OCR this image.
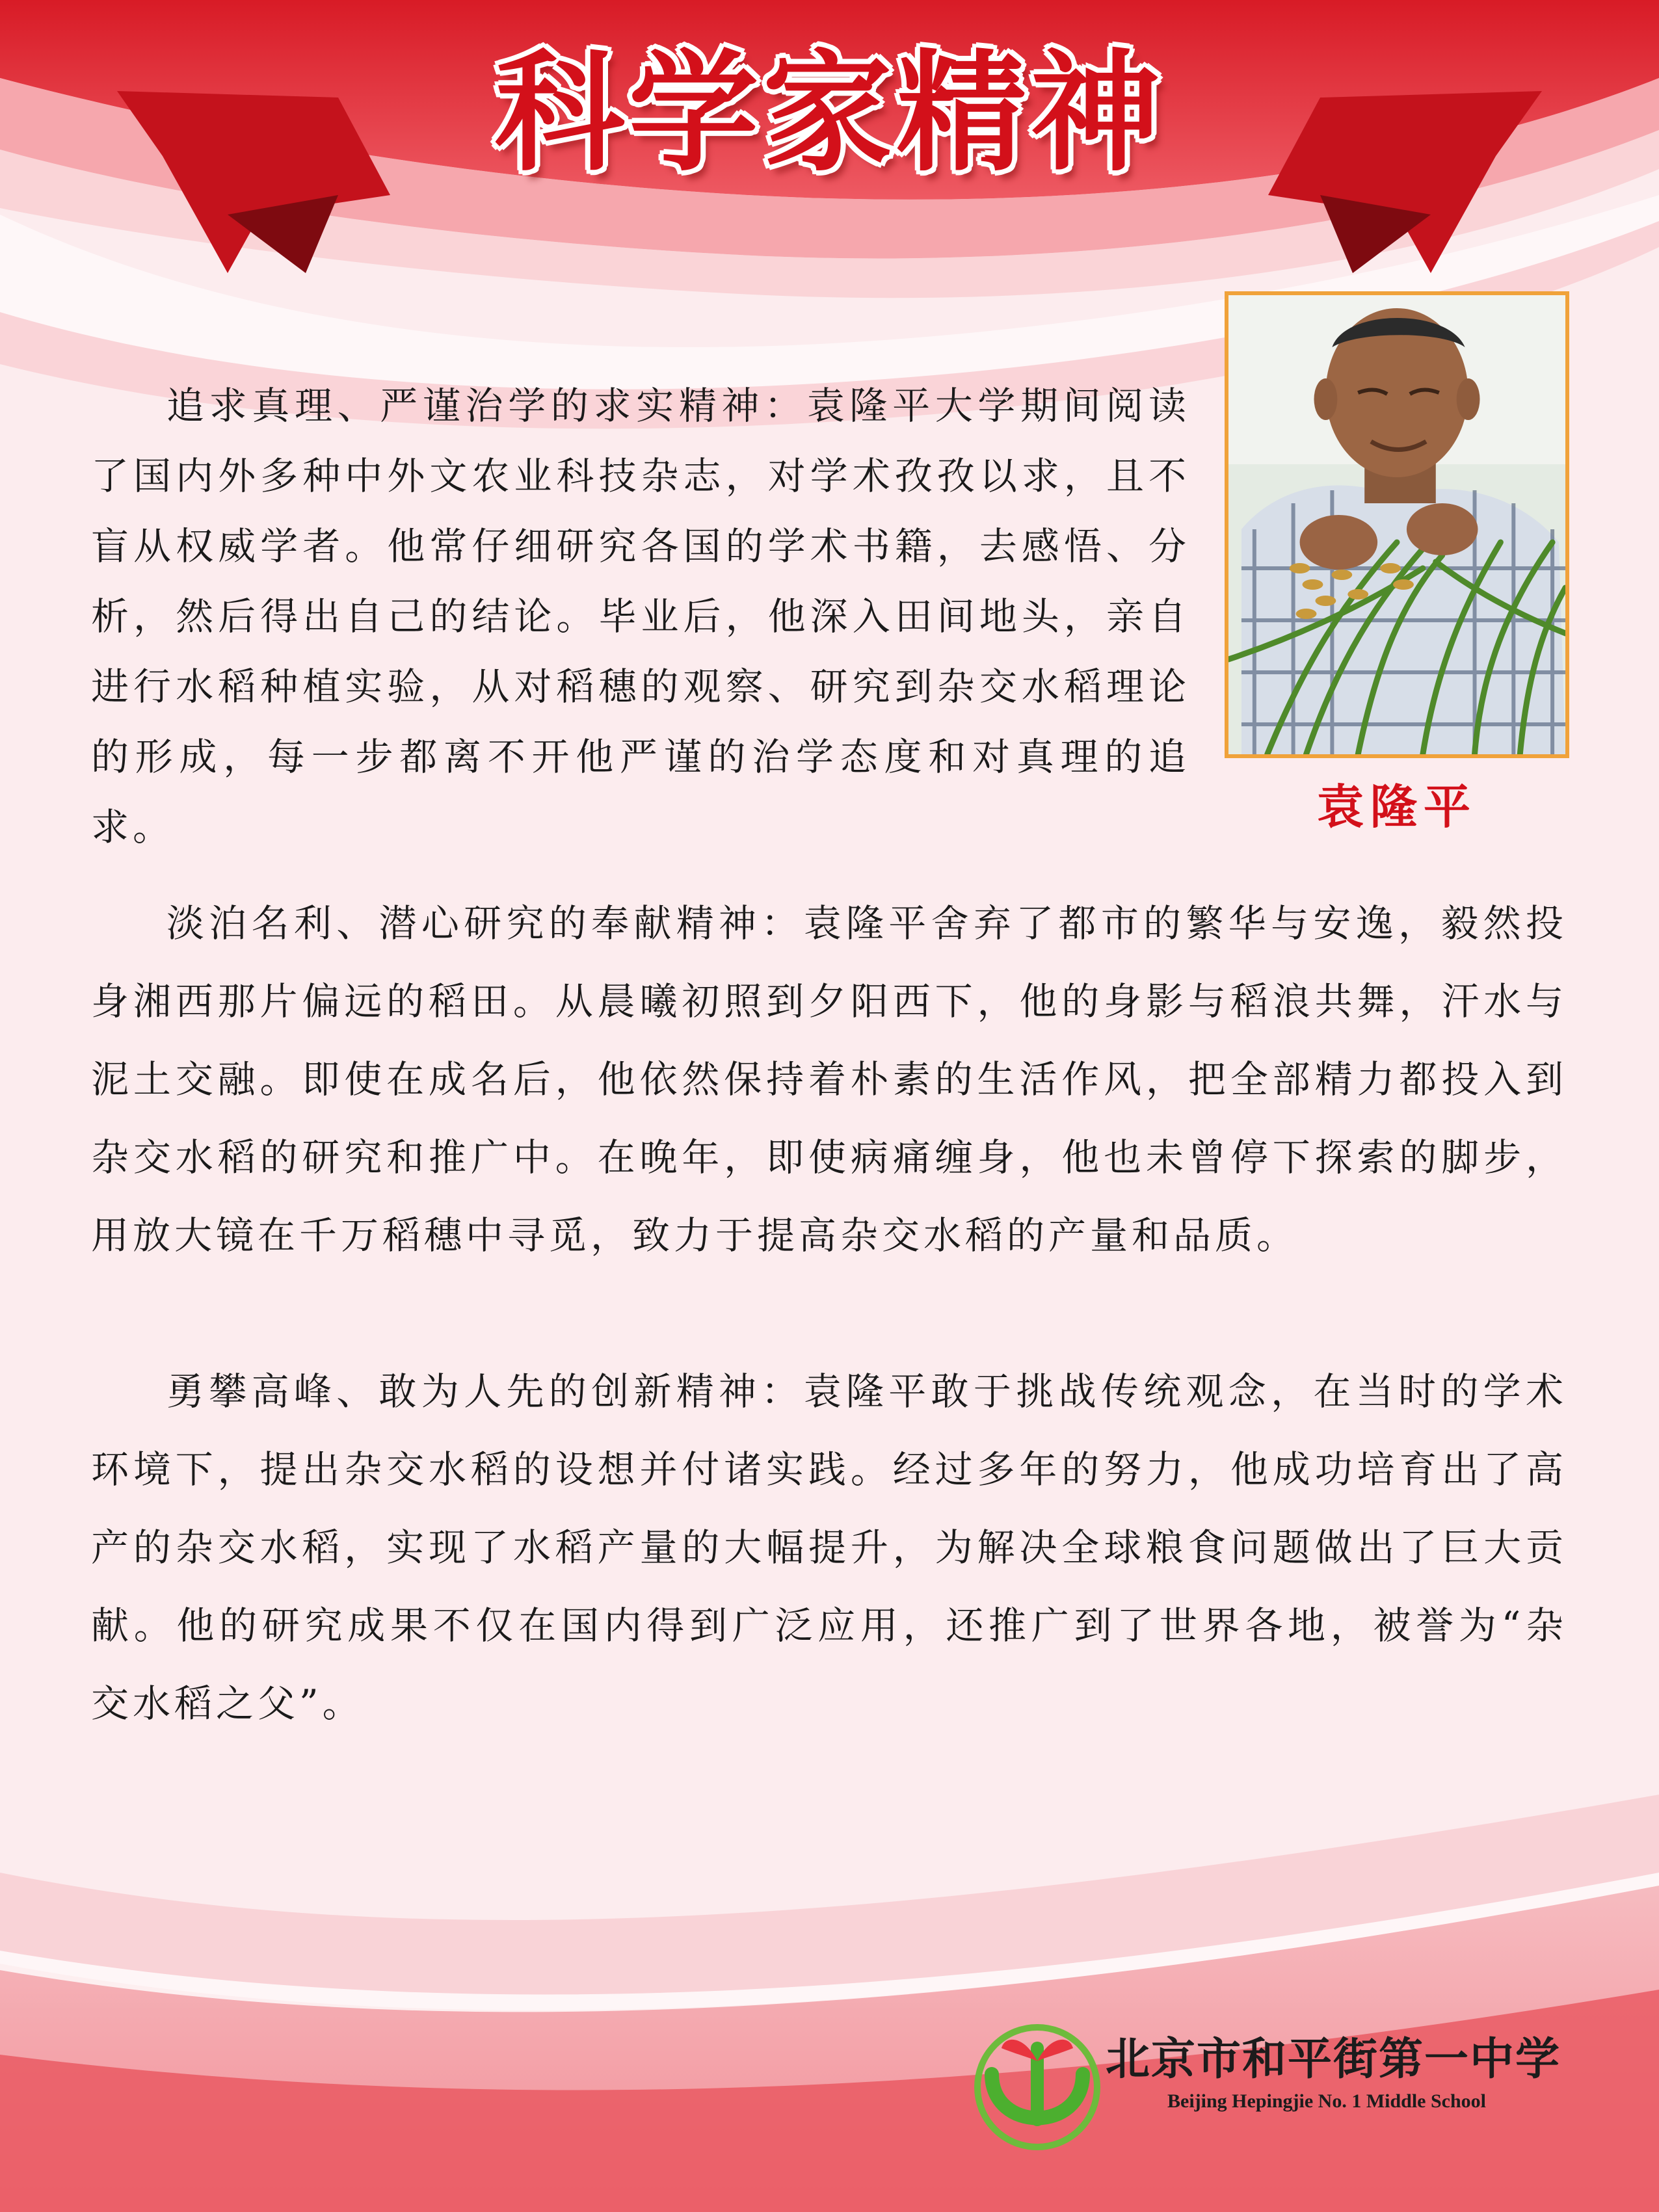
科学家精神

追求真理、严谨治学的求实精神：袁隆平大学期间阅读了国内外多种中外文农业科技杂志，对学术孜孜以求，且不盲从权威学者。他常仔细研究各国的学术书籍，去感悟、分析，然后得出自己的结论。毕业后，他深入田间地头，亲自进行水稻种植实验，从对稻穗的观察、研究到杂交水稻理论的形成，每一步都离不开他严谨的治学态度和对真理的追求。

淡泊名利、潜心研究的奉献精神：袁隆平舍弃了都市的繁华与安逸，毅然投身湘西那片偏远的稻田。从晨曦初照到夕阳西下，他的身影与稻浪共舞，汗水与泥土交融。即使在成名后，他依然保持着朴素的生活作风，把全部精力都投入到杂交水稻的研究和推广中。在晚年，即使病痛缠身，他也未曾停下探索的脚步，用放大镜在千万稻穗中寻觅，致力于提高杂交水稻的产量和品质。

勇攀高峰、敢为人先的创新精神：袁隆平敢于挑战传统观念，在当时的学术环境下，提出杂交水稻的设想并付诸实践。经过多年的努力，他成功培育出了高产的杂交水稻，实现了水稻产量的大幅提升，为解决全球粮食问题做出了巨大贡献。他的研究成果不仅在国内得到广泛应用，还推广到了世界各地，被誉为“杂交水稻之父”。

袁隆平
北京市和平街第一中学
Beijing Hepingjie No. 1 Middle School
